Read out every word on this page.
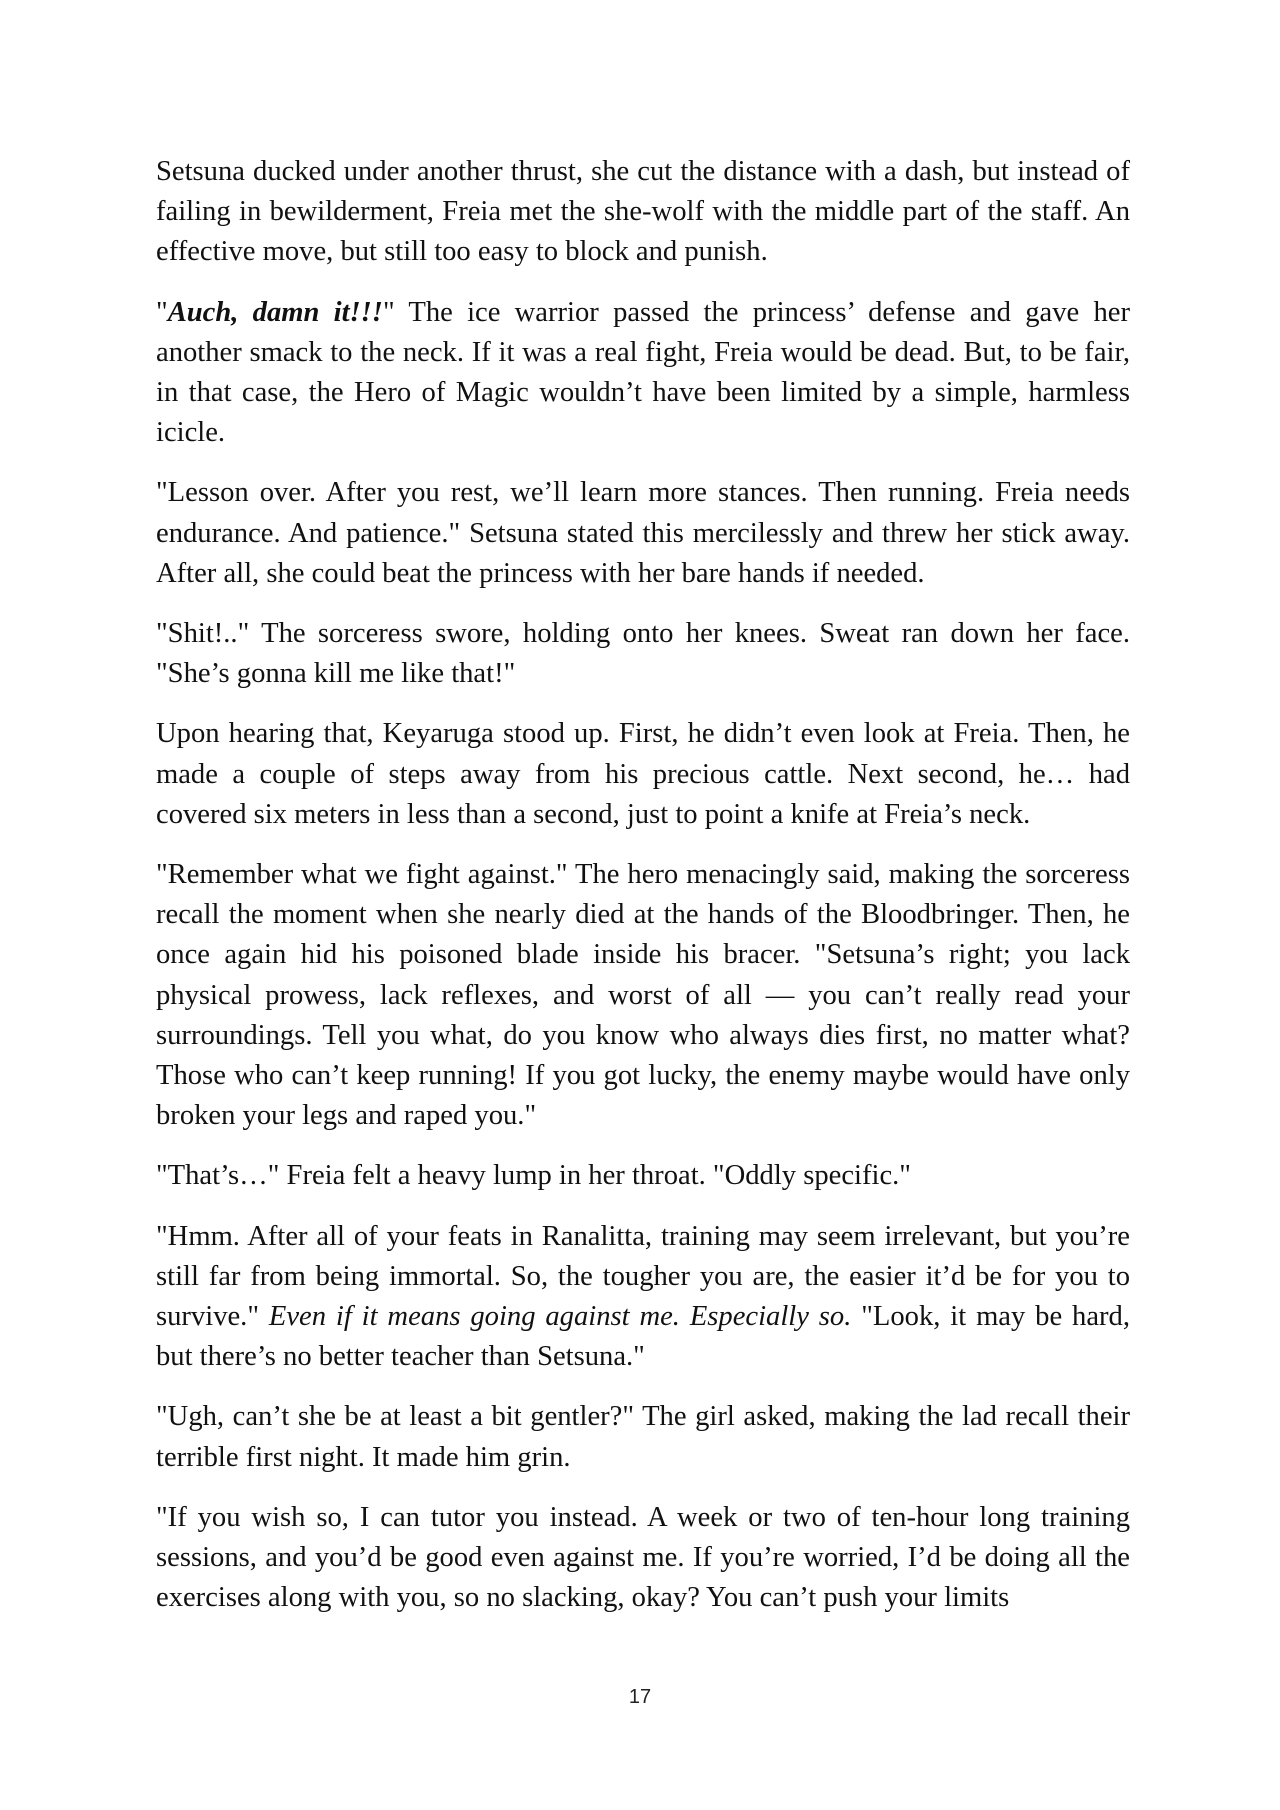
Setsuna ducked under another thrust, she cut the distance with a dash, but instead of failing in bewilderment, Freia met the she-wolf with the middle part of the staff. An effective move, but still too easy to block and punish.

"Auch, damn it!!!" The ice warrior passed the princess’ defense and gave her another smack to the neck. If it was a real fight, Freia would be dead. But, to be fair, in that case, the Hero of Magic wouldn’t have been limited by a simple, harmless icicle.

"Lesson over. After you rest, we’ll learn more stances. Then running. Freia needs endurance. And patience." Setsuna stated this mercilessly and threw her stick away. After all, she could beat the princess with her bare hands if needed.

"Shit!.." The sorceress swore, holding onto her knees. Sweat ran down her face. "She’s gonna kill me like that!"

Upon hearing that, Keyaruga stood up. First, he didn’t even look at Freia. Then, he made a couple of steps away from his precious cattle. Next second, he… had covered six meters in less than a second, just to point a knife at Freia’s neck.

"Remember what we fight against." The hero menacingly said, making the sorceress recall the moment when she nearly died at the hands of the Bloodbringer. Then, he once again hid his poisoned blade inside his bracer. "Setsuna’s right; you lack physical prowess, lack reflexes, and worst of all — you can’t really read your surroundings. Tell you what, do you know who always dies first, no matter what? Those who can’t keep running! If you got lucky, the enemy maybe would have only broken your legs and raped you."

"That’s…" Freia felt a heavy lump in her throat. "Oddly specific."

"Hmm. After all of your feats in Ranalitta, training may seem irrelevant, but you’re still far from being immortal. So, the tougher you are, the easier it’d be for you to survive." Even if it means going against me. Especially so. "Look, it may be hard, but there’s no better teacher than Setsuna."

"Ugh, can’t she be at least a bit gentler?" The girl asked, making the lad recall their terrible first night. It made him grin.

"If you wish so, I can tutor you instead. A week or two of ten-hour long training sessions, and you’d be good even against me. If you’re worried, I’d be doing all the exercises along with you, so no slacking, okay? You can’t push your limits

17
